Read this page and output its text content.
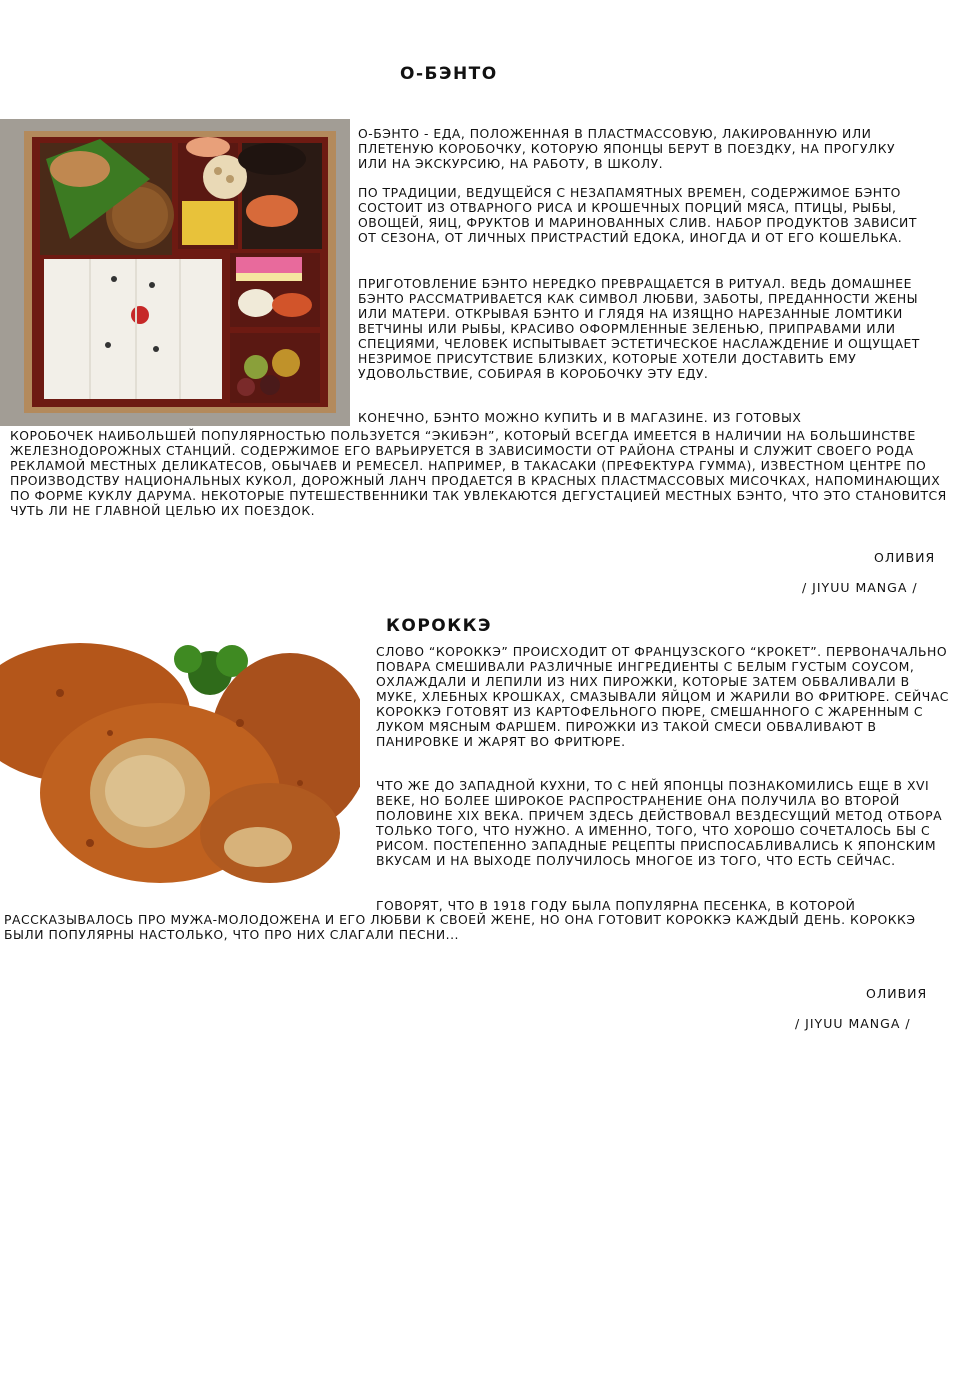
О-БЭНТО

О-БЭНТО - ЕДА, ПОЛОЖЕННАЯ В ПЛАСТМАССОВУЮ, ЛАКИРОВАННУЮ ИЛИ ПЛЕТЕНУЮ КОРОБОЧКУ, КОТОРУЮ ЯПОНЦЫ БЕРУТ В ПОЕЗДКУ, НА ПРОГУЛКУ ИЛИ НА ЭКСКУРСИЮ, НА РАБОТУ, В ШКОЛУ.

ПО ТРАДИЦИИ, ВЕДУЩЕЙСЯ С НЕЗАПАМЯТНЫХ ВРЕМЕН, СОДЕРЖИМОЕ БЭНТО СОСТОИТ ИЗ ОТВАРНОГО РИСА И КРОШЕЧНЫХ ПОРЦИЙ МЯСА, ПТИЦЫ, РЫБЫ, ОВОЩЕЙ, ЯИЦ, ФРУКТОВ И МАРИНОВАННЫХ СЛИВ. НАБОР ПРОДУКТОВ ЗАВИСИТ ОТ СЕЗОНА, ОТ ЛИЧНЫХ ПРИСТРАСТИЙ ЕДОКА, ИНОГДА И ОТ ЕГО КОШЕЛЬКА.

ПРИГОТОВЛЕНИЕ БЭНТО НЕРЕДКО ПРЕВРАЩАЕТСЯ В РИТУАЛ. ВЕДЬ ДОМАШНЕЕ БЭНТО РАССМАТРИВАЕТСЯ КАК СИМВОЛ ЛЮБВИ, ЗАБОТЫ, ПРЕДАННОСТИ ЖЕНЫ ИЛИ МАТЕРИ. ОТКРЫВАЯ БЭНТО И ГЛЯДЯ НА ИЗЯЩНО НАРЕЗАННЫЕ ЛОМТИКИ ВЕТЧИНЫ ИЛИ РЫБЫ, КРАСИВО ОФОРМЛЕННЫЕ ЗЕЛЕНЬЮ, ПРИПРАВАМИ ИЛИ СПЕЦИЯМИ, ЧЕЛОВЕК ИСПЫТЫВАЕТ ЭСТЕТИЧЕСКОЕ НАСЛАЖДЕНИЕ И ОЩУЩАЕТ НЕЗРИМОЕ ПРИСУТСТВИЕ БЛИЗКИХ, КОТОРЫЕ ХОТЕЛИ ДОСТАВИТЬ ЕМУ УДОВОЛЬСТВИЕ, СОБИРАЯ В КОРОБОЧКУ ЭТУ ЕДУ.

КОНЕЧНО, БЭНТО МОЖНО КУПИТЬ И В МАГАЗИНЕ. ИЗ ГОТОВЫХ

КОРОБОЧЕК НАИБОЛЬШЕЙ ПОПУЛЯРНОСТЬЮ ПОЛЬЗУЕТСЯ “ЭКИБЭН”, КОТОРЫЙ ВСЕГДА ИМЕЕТСЯ В НАЛИЧИИ НА БОЛЬШИНСТВЕ ЖЕЛЕЗНОДОРОЖНЫХ СТАНЦИЙ. СОДЕРЖИМОЕ ЕГО ВАРЬИРУЕТСЯ В ЗАВИСИМОСТИ ОТ РАЙОНА СТРАНЫ И СЛУЖИТ СВОЕГО РОДА РЕКЛАМОЙ МЕСТНЫХ ДЕЛИКАТЕСОВ, ОБЫЧАЕВ И РЕМЕСЕЛ. НАПРИМЕР, В ТАКАСАКИ (ПРЕФЕКТУРА ГУММА), ИЗВЕСТНОМ ЦЕНТРЕ ПО ПРОИЗВОДСТВУ НАЦИОНАЛЬНЫХ КУКОЛ, ДОРОЖНЫЙ ЛАНЧ ПРОДАЕТСЯ В КРАСНЫХ ПЛАСТМАССОВЫХ МИСОЧКАХ, НАПОМИНАЮЩИХ ПО ФОРМЕ КУКЛУ ДАРУМА. НЕКОТОРЫЕ ПУТЕШЕСТВЕННИКИ ТАК УВЛЕКАЮТСЯ ДЕГУСТАЦИЕЙ МЕСТНЫХ БЭНТО, ЧТО ЭТО СТАНОВИТСЯ ЧУТЬ ЛИ НЕ ГЛАВНОЙ ЦЕЛЬЮ ИХ ПОЕЗДОК.

ОЛИВИЯ
/ JIYUU MANGA /
КОРОККЭ

СЛОВО “КОРОККЭ” ПРОИСХОДИТ ОТ ФРАНЦУЗСКОГО “КРОКЕТ”. ПЕРВОНАЧАЛЬНО ПОВАРА СМЕШИВАЛИ РАЗЛИЧНЫЕ ИНГРЕДИЕНТЫ С БЕЛЫМ ГУСТЫМ СОУСОМ, ОХЛАЖДАЛИ И ЛЕПИЛИ ИЗ НИХ ПИРОЖКИ, КОТОРЫЕ ЗАТЕМ ОБВАЛИВАЛИ В МУКЕ, ХЛЕБНЫХ КРОШКАХ, СМАЗЫВАЛИ ЯЙЦОМ И ЖАРИЛИ ВО ФРИТЮРЕ. СЕЙЧАС КОРОККЭ ГОТОВЯТ ИЗ КАРТОФЕЛЬНОГО ПЮРЕ, СМЕШАННОГО С ЖАРЕННЫМ С ЛУКОМ МЯСНЫМ ФАРШЕМ. ПИРОЖКИ ИЗ ТАКОЙ СМЕСИ ОБВАЛИВАЮТ В ПАНИРОВКЕ И ЖАРЯТ ВО ФРИТЮРЕ.

ЧТО ЖЕ ДО ЗАПАДНОЙ КУХНИ, ТО С НЕЙ ЯПОНЦЫ ПОЗНАКОМИЛИСЬ ЕЩЕ В XVI ВЕКЕ, НО БОЛЕЕ ШИРОКОЕ РАСПРОСТРАНЕНИЕ ОНА ПОЛУЧИЛА ВО ВТОРОЙ ПОЛОВИНЕ XIX ВЕКА. ПРИЧЕМ ЗДЕСЬ ДЕЙСТВОВАЛ ВЕЗДЕСУЩИЙ МЕТОД ОТБОРА ТОЛЬКО ТОГО, ЧТО НУЖНО. А ИМЕННО, ТОГО, ЧТО ХОРОШО СОЧЕТАЛОСЬ БЫ С РИСОМ. ПОСТЕПЕННО ЗАПАДНЫЕ РЕЦЕПТЫ ПРИСПОСАБЛИВАЛИСЬ К ЯПОНСКИМ ВКУСАМ И НА ВЫХОДЕ ПОЛУЧИЛОСЬ МНОГОЕ ИЗ ТОГО, ЧТО ЕСТЬ СЕЙЧАС.

ГОВОРЯТ, ЧТО В 1918 ГОДУ БЫЛА ПОПУЛЯРНА ПЕСЕНКА, В КОТОРОЙ

РАССКАЗЫВАЛОСЬ ПРО МУЖА-МОЛОДОЖЕНА И ЕГО ЛЮБВИ К СВОЕЙ ЖЕНЕ, НО ОНА ГОТОВИТ КОРОККЭ КАЖДЫЙ ДЕНЬ. КОРОККЭ БЫЛИ ПОПУЛЯРНЫ НАСТОЛЬКО, ЧТО ПРО НИХ СЛАГАЛИ ПЕСНИ...

ОЛИВИЯ
/ JIYUU MANGA /
